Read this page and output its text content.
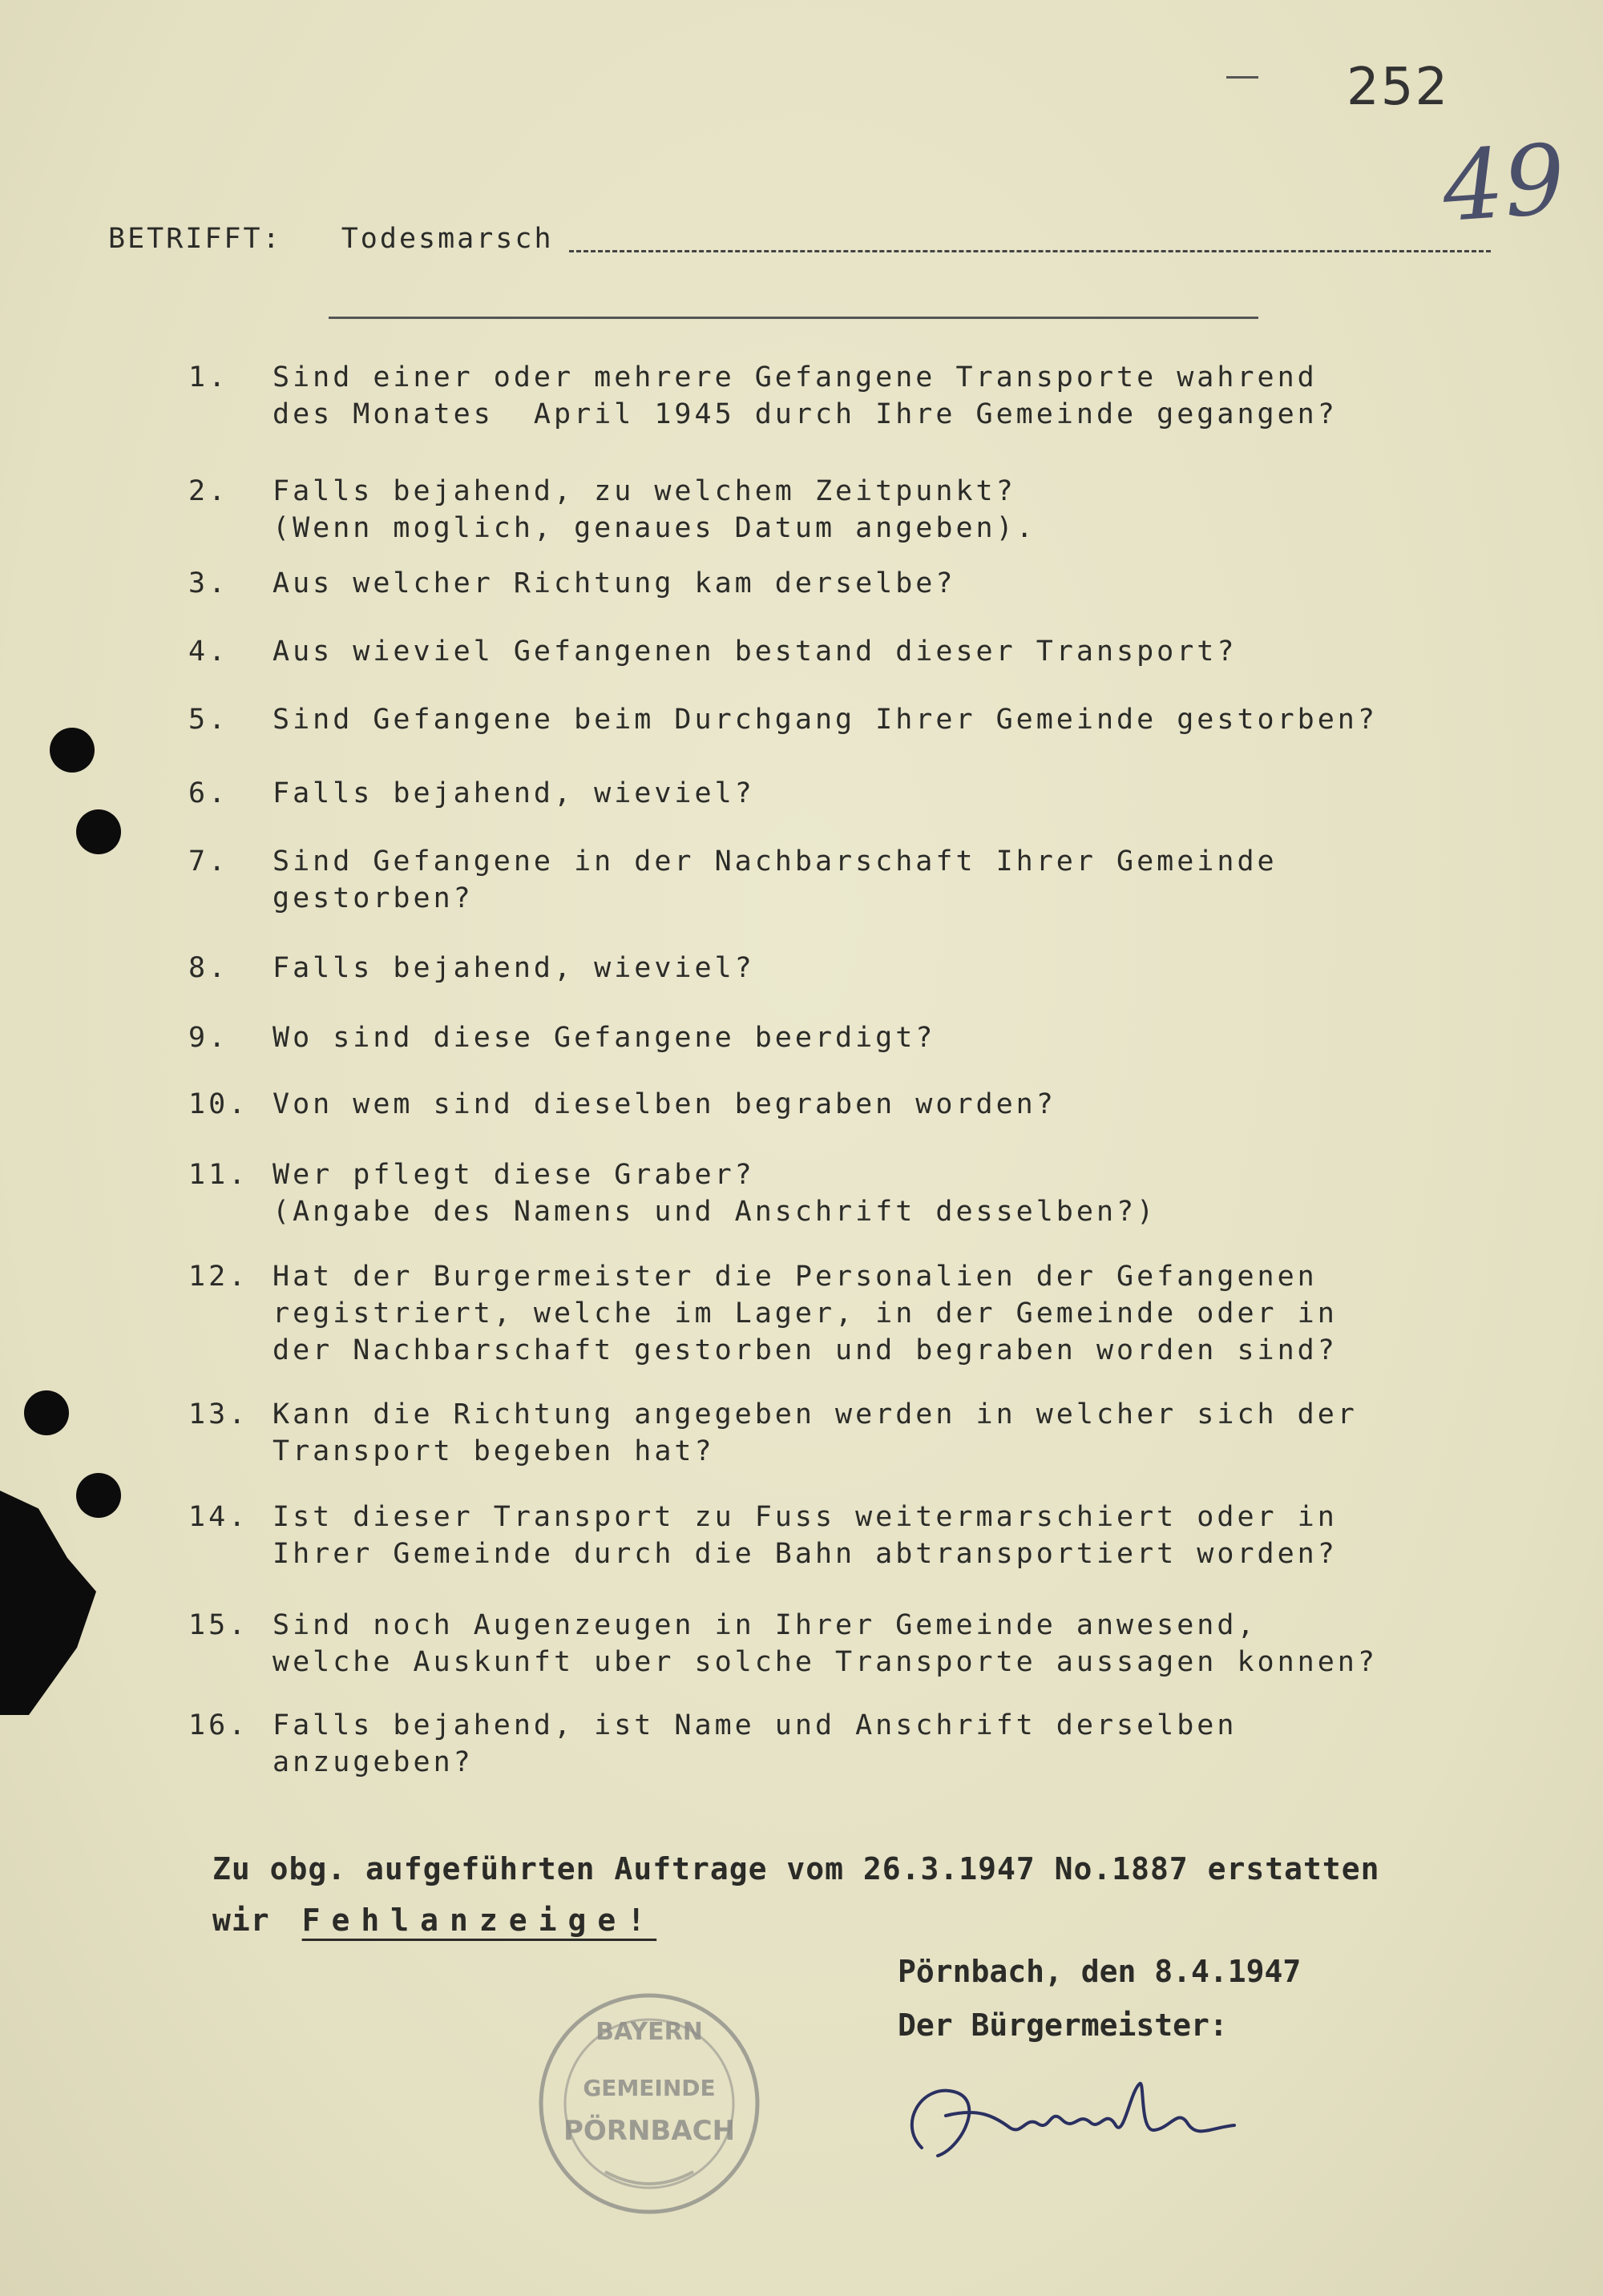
252
49
BETRIFFT: Todesmarsch
1.	Sind einer oder mehrere Gefangene Transporte wahrend
des Monates  April 1945 durch Ihre Gemeinde gegangen?
2.	Falls bejahend, zu welchem Zeitpunkt?
(Wenn moglich, genaues Datum angeben).
3.	Aus welcher Richtung kam derselbe?
4.	Aus wieviel Gefangenen bestand dieser Transport?
5.	Sind Gefangene beim Durchgang Ihrer Gemeinde gestorben?
6.	Falls bejahend, wieviel?
7.	Sind Gefangene in der Nachbarschaft Ihrer Gemeinde
gestorben?
8.	Falls bejahend, wieviel?
9.	Wo sind diese Gefangene beerdigt?
10. Von wem sind dieselben begraben worden?
11. Wer pflegt diese Graber?
(Angabe des Namens und Anschrift desselben?)
12. Hat der Burgermeister die Personalien der Gefangenen
registriert, welche im Lager, in der Gemeinde oder in
der Nachbarschaft gestorben und begraben worden sind?
13. Kann die Richtung angegeben werden in welcher sich der
Transport begeben hat?
14. Ist dieser Transport zu Fuss weitermarschiert oder in
Ihrer Gemeinde durch die Bahn abtransportiert worden?
15. Sind noch Augenzeugen in Ihrer Gemeinde anwesend,
welche Auskunft uber solche Transporte aussagen konnen?
16. Falls bejahend, ist Name und Anschrift derselben
anzugeben?
Zu obg. aufgeführten Auftrage vom 26.3.1947 No.1887 erstatten
wir Fehlanzeige!
Pörnbach, den 8.4.1947
Der Bürgermeister:
BAYERN
GEMEINDE
PÖRNBACH
